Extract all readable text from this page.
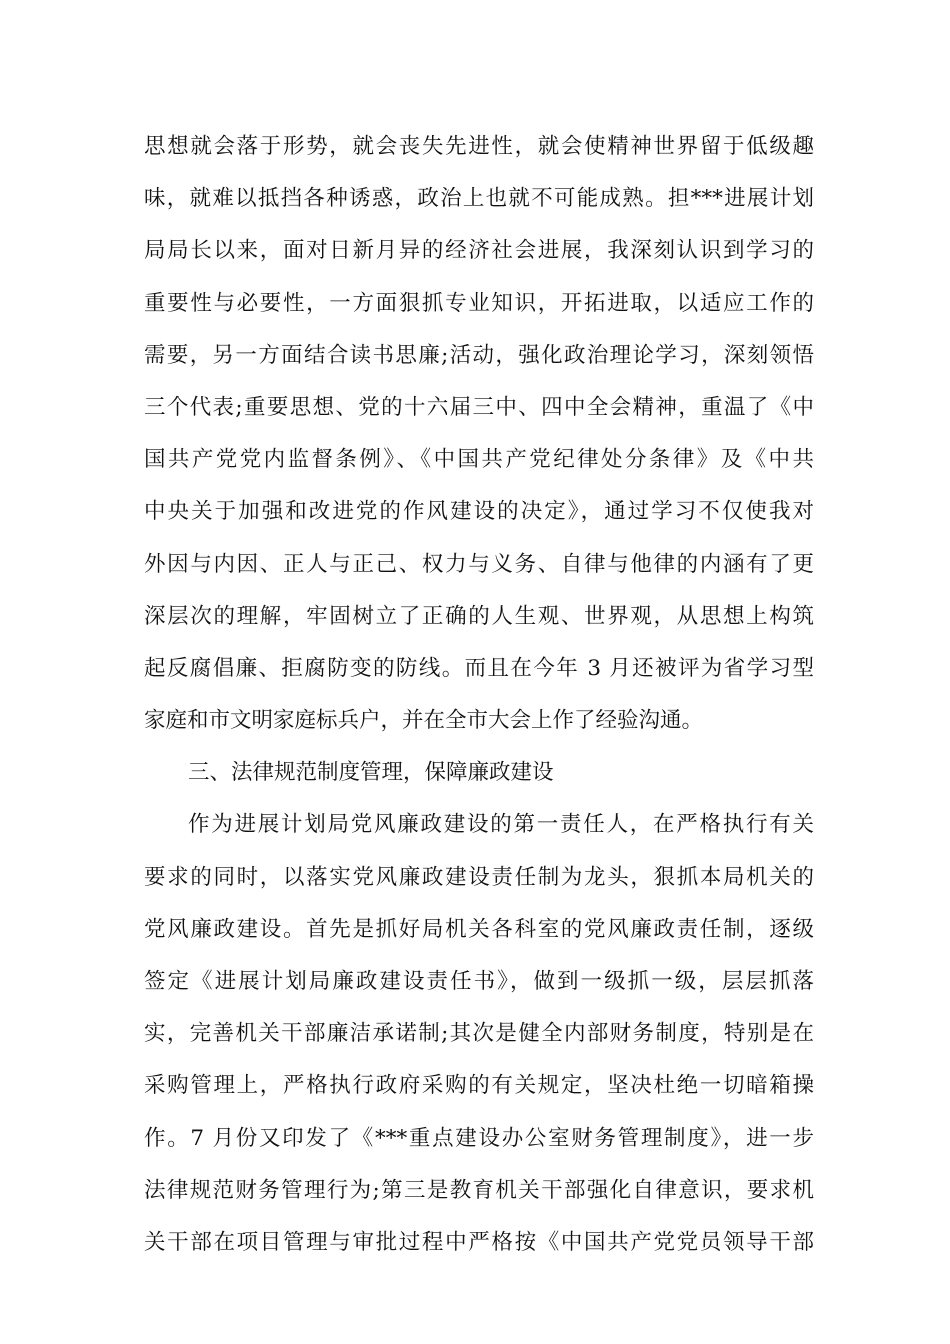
思想就会落于形势，就会丧失先进性，就会使精神世界留于低级趣
味，就难以抵挡各种诱惑，政治上也就不可能成熟。担***进展计划
局局长以来，面对日新月异的经济社会进展，我深刻认识到学习的
重要性与必要性，一方面狠抓专业知识，开拓进取，以适应工作的
需要，另一方面结合读书思廉;活动，强化政治理论学习，深刻领悟
三个代表;重要思想、党的十六届三中、四中全会精神，重温了《中
国共产党党内监督条例》、《中国共产党纪律处分条律》及《中共
中央关于加强和改进党的作风建设的决定》，通过学习不仅使我对
外因与内因、正人与正己、权力与义务、自律与他律的内涵有了更
深层次的理解，牢固树立了正确的人生观、世界观，从思想上构筑
起反腐倡廉、拒腐防变的防线。而且在今年 3 月还被评为省学习型
家庭和市文明家庭标兵户，并在全市大会上作了经验沟通。
三、法律规范制度管理，保障廉政建设
作为进展计划局党风廉政建设的第一责任人，在严格执行有关
要求的同时，以落实党风廉政建设责任制为龙头，狠抓本局机关的
党风廉政建设。首先是抓好局机关各科室的党风廉政责任制，逐级
签定《进展计划局廉政建设责任书》，做到一级抓一级，层层抓落
实，完善机关干部廉洁承诺制;其次是健全内部财务制度，特别是在
采购管理上，严格执行政府采购的有关规定，坚决杜绝一切暗箱操
作。7 月份又印发了《***重点建设办公室财务管理制度》，进一步
法律规范财务管理行为;第三是教育机关干部强化自律意识，要求机
关干部在项目管理与审批过程中严格按《中国共产党党员领导干部
